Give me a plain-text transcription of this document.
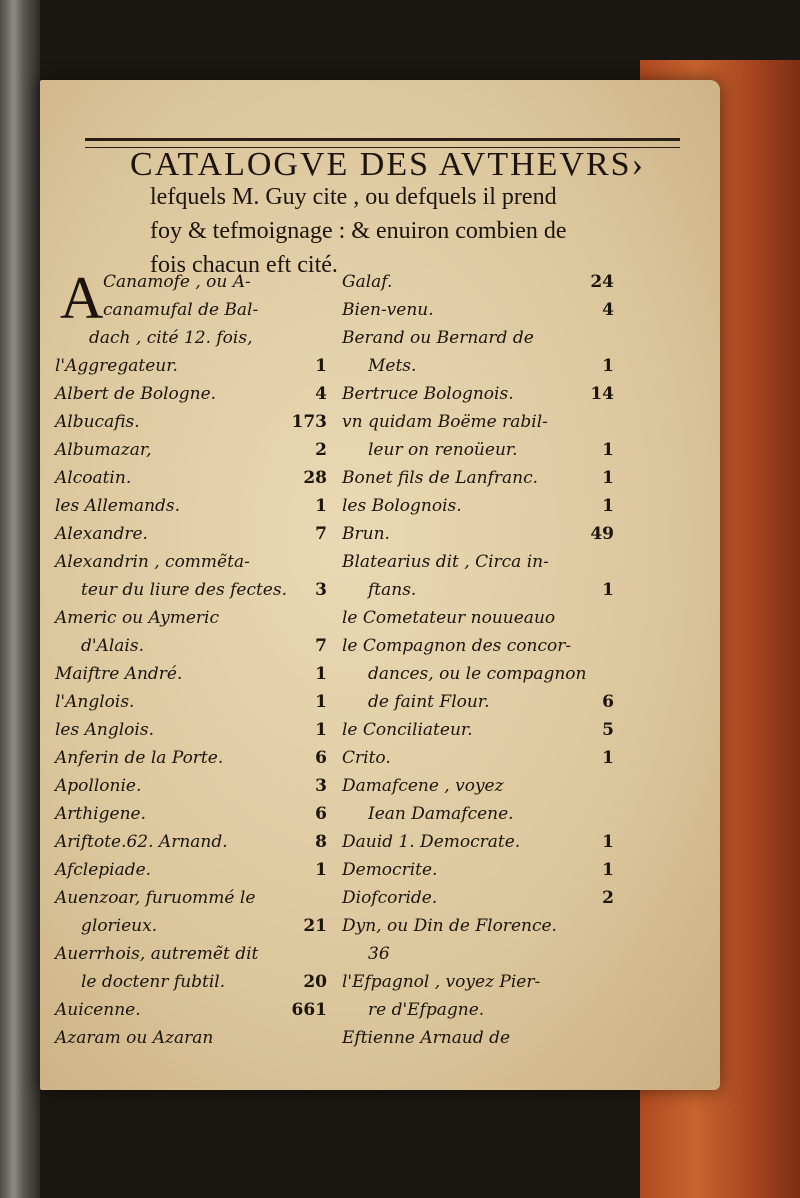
CATALOGVE DES AVTHEVRS›
lefquels M. Guy cite , ou defquels il prend
foy & tefmoignage : & enuiron combien de
fois chacun eft cité.
A Canamofe , ou A-
canamufal de Bal-
dach , cité 12. fois,
l'Aggregateur.	1
Albert de Bologne.	4
Albucafis.	173
Albumazar,	2
Alcoatin.	28
les Allemands.	1
Alexandre.	7
Alexandrin , commẽta-
teur du liure des fectes.	3
Americ ou Aymeric
d'Alais.	7
Maiftre André.	1
l'Anglois.	1
les Anglois.	1
Anferin de la Porte.	6
Apollonie.	3
Arthigene.	6
Ariftote.62. Arnand.	8
Afclepiade.	1
Auenzoar, furuommé le
glorieux.	21
Auerrhois, autremẽt dit
le doctenr fubtil.	20
Auicenne.	661
Azaram ou Azaran
Galaf.	24
Bien-venu.	4
Berand ou Bernard de
Mets.	1
Bertruce Bolognois.	14
vn quidam Boëme rabil-
leur on renoüeur.	1
Bonet fils de Lanfranc.	1
les Bolognois.	1
Brun.	49
Blatearius dit , Circa in-
ftans.	1
le Cometateur nouueauo
le Compagnon des concor-
dances, ou le compagnon
de faint Flour.	6
le Conciliateur.	5
Crito.	1
Damafcene , voyez
Iean Damafcene.
Dauid 1. Democrate.	1
Democrite.	1
Diofcoride.	2
Dyn, ou Din de Florence.
36
l'Efpagnol , voyez Pier-
re d'Efpagne.
Eftienne Arnaud de
